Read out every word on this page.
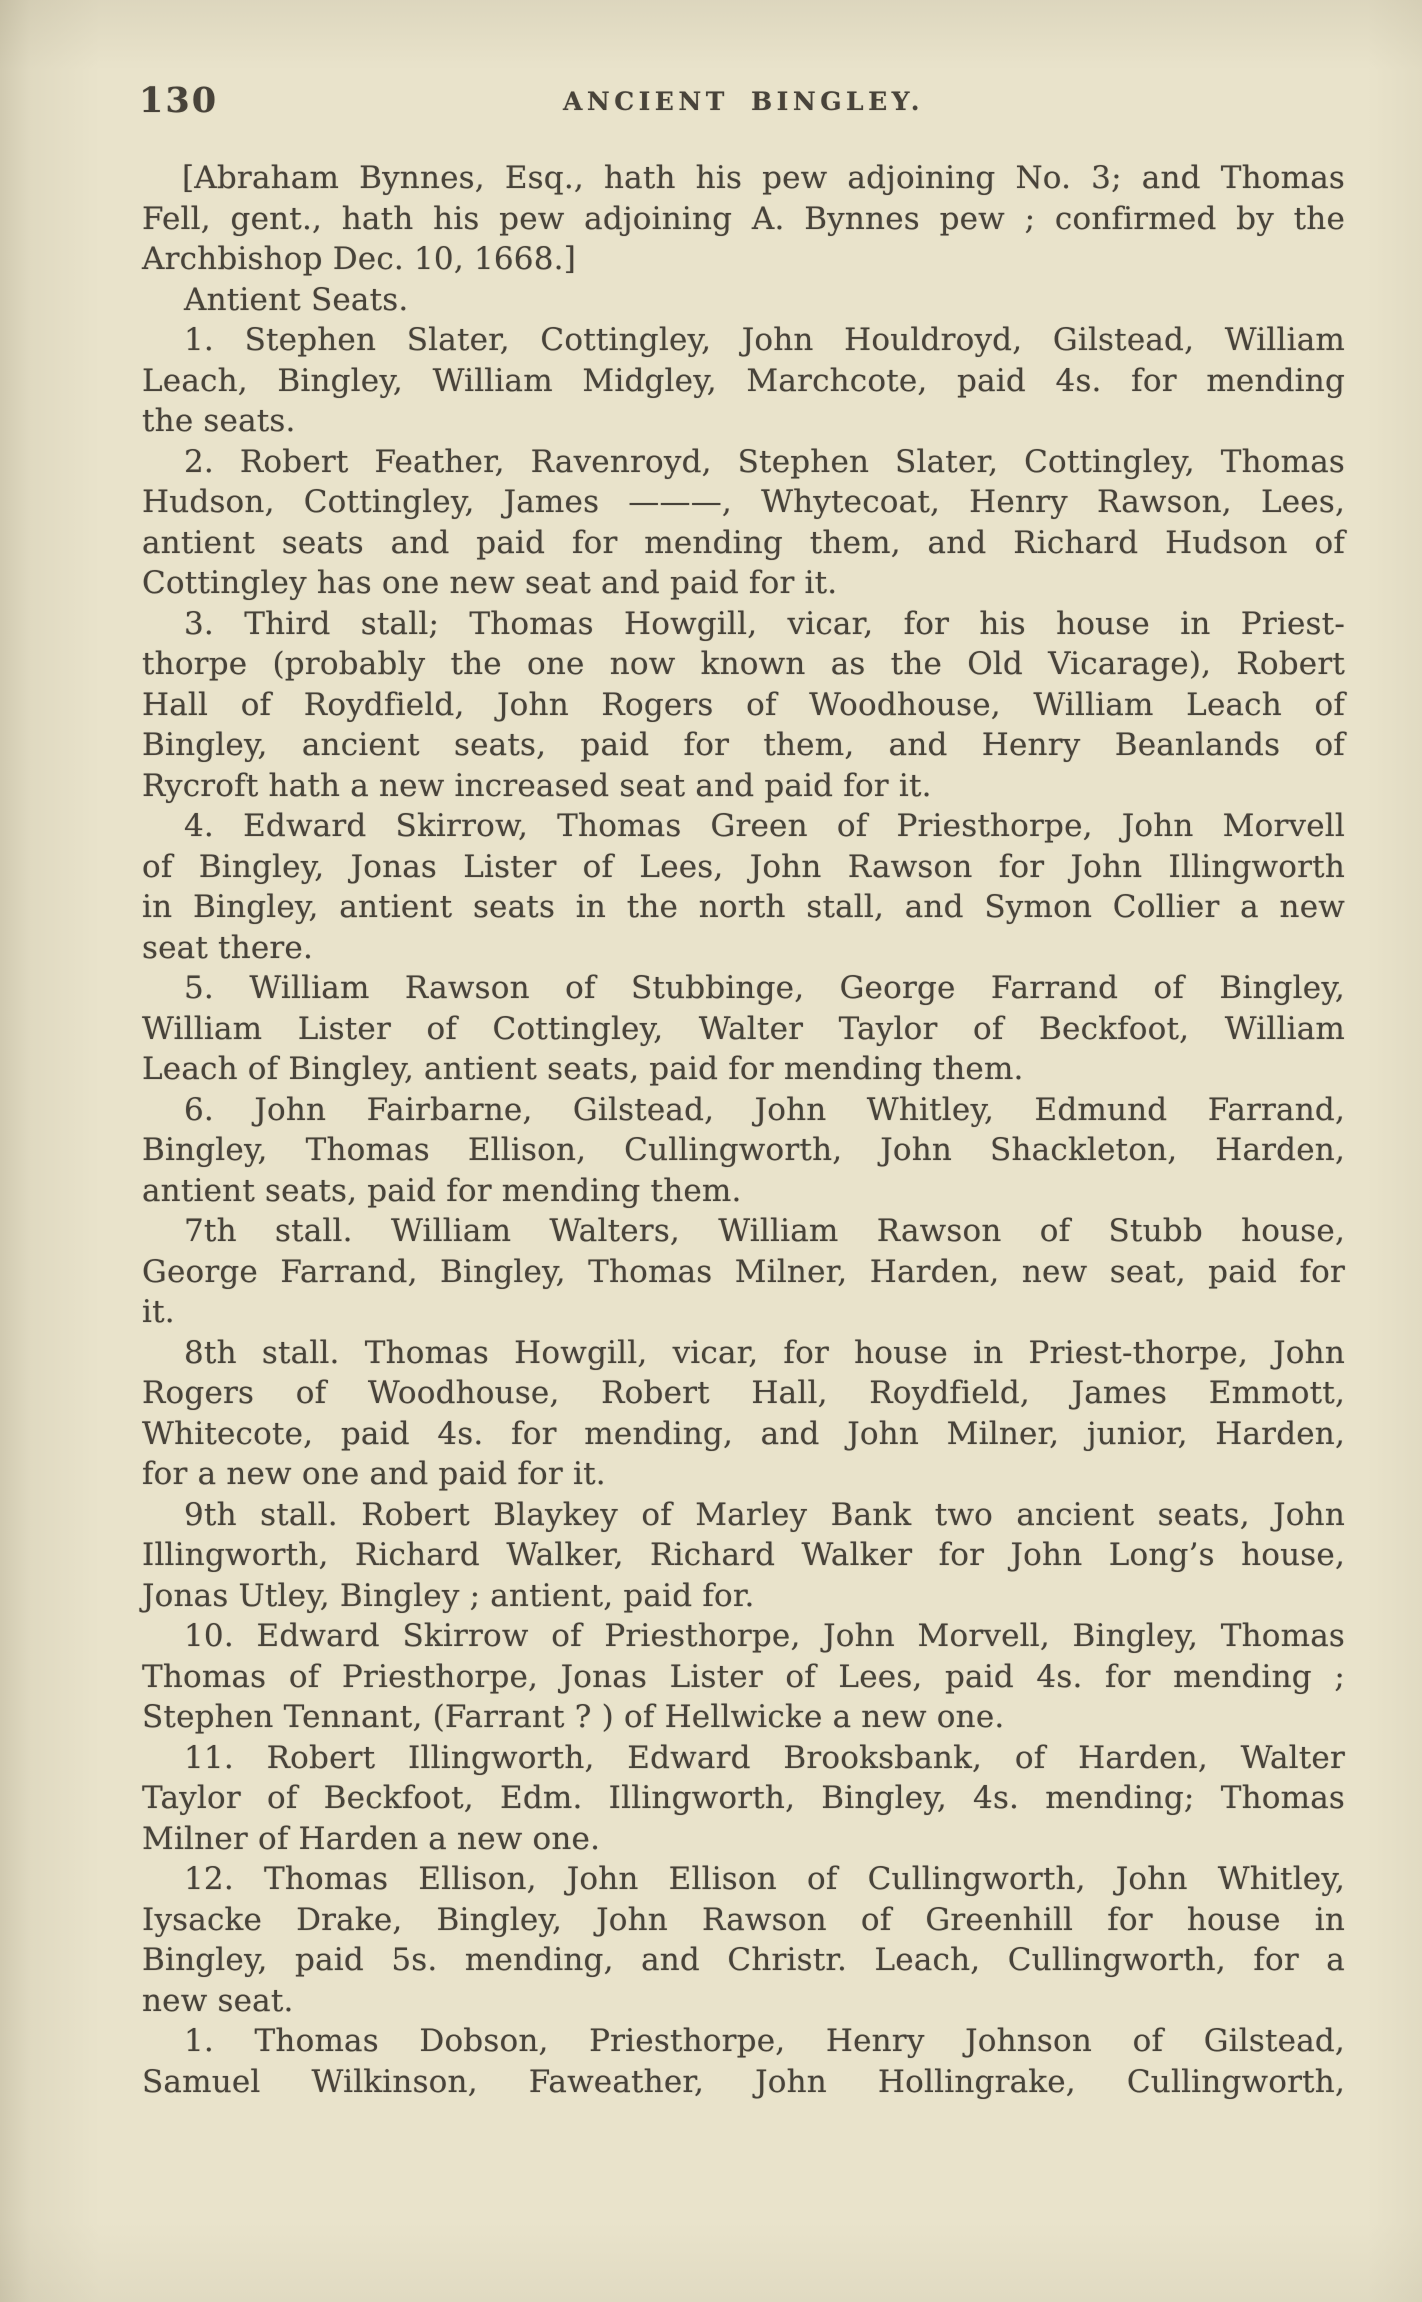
130	ANCIENT BINGLEY.
[Abraham Bynnes, Esq., hath his pew adjoining No. 3; and Thomas
Fell, gent., hath his pew adjoining A. Bynnes pew ; confirmed by the
Archbishop Dec. 10, 1668.]
Antient Seats.
1. Stephen Slater, Cottingley, John Houldroyd, Gilstead, William
Leach, Bingley, William Midgley, Marchcote, paid 4s. for mending
the seats.
2. Robert Feather, Ravenroyd, Stephen Slater, Cottingley, Thomas
Hudson, Cottingley, James ———, Whytecoat, Henry Rawson, Lees,
antient seats and paid for mending them, and Richard Hudson of
Cottingley has one new seat and paid for it.
3. Third stall; Thomas Howgill, vicar, for his house in Priest-
thorpe (probably the one now known as the Old Vicarage), Robert
Hall of Roydfield, John Rogers of Woodhouse, William Leach of
Bingley, ancient seats, paid for them, and Henry Beanlands of
Rycroft hath a new increased seat and paid for it.
4. Edward Skirrow, Thomas Green of Priesthorpe, John Morvell
of Bingley, Jonas Lister of Lees, John Rawson for John Illingworth
in Bingley, antient seats in the north stall, and Symon Collier a new
seat there.
5. William Rawson of Stubbinge, George Farrand of Bingley,
William Lister of Cottingley, Walter Taylor of Beckfoot, William
Leach of Bingley, antient seats, paid for mending them.
6. John Fairbarne, Gilstead, John Whitley, Edmund Farrand,
Bingley, Thomas Ellison, Cullingworth, John Shackleton, Harden,
antient seats, paid for mending them.
7th stall. William Walters, William Rawson of Stubb house,
George Farrand, Bingley, Thomas Milner, Harden, new seat, paid for
it.
8th stall. Thomas Howgill, vicar, for house in Priest-thorpe, John
Rogers of Woodhouse, Robert Hall, Roydfield, James Emmott,
Whitecote, paid 4s. for mending, and John Milner, junior, Harden,
for a new one and paid for it.
9th stall. Robert Blaykey of Marley Bank two ancient seats, John
Illingworth, Richard Walker, Richard Walker for John Long’s house,
Jonas Utley, Bingley ; antient, paid for.
10. Edward Skirrow of Priesthorpe, John Morvell, Bingley, Thomas
Thomas of Priesthorpe, Jonas Lister of Lees, paid 4s. for mending ;
Stephen Tennant, (Farrant ? ) of Hellwicke a new one.
11. Robert Illingworth, Edward Brooksbank, of Harden, Walter
Taylor of Beckfoot, Edm. Illingworth, Bingley, 4s. mending; Thomas
Milner of Harden a new one.
12. Thomas Ellison, John Ellison of Cullingworth, John Whitley,
Iysacke Drake, Bingley, John Rawson of Greenhill for house in
Bingley, paid 5s. mending, and Christr. Leach, Cullingworth, for a
new seat.
1. Thomas Dobson, Priesthorpe, Henry Johnson of Gilstead,
Samuel Wilkinson, Faweather, John Hollingrake, Cullingworth,
